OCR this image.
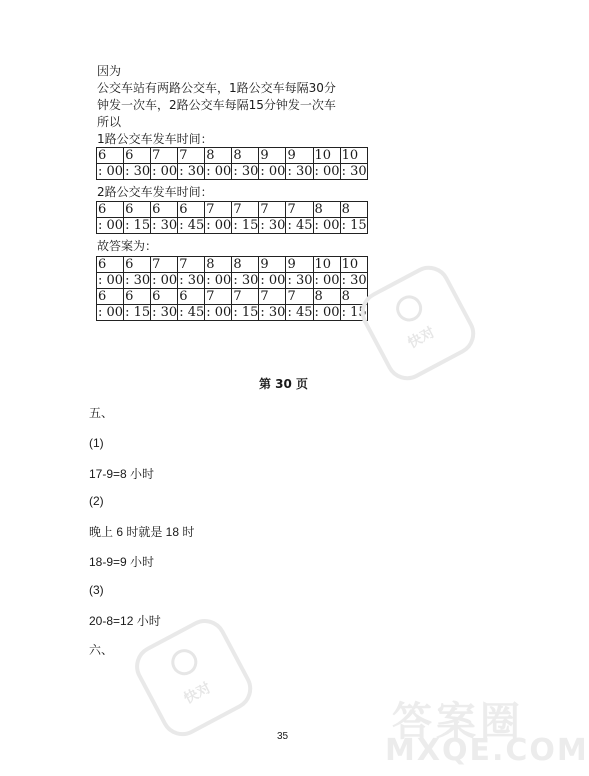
因为
公交车站有两路公交车，1路公交车每隔30分
钟发一次车，2路公交车每隔15分钟发一次车
所以
1路公交车发车时间：
6	6	7	7	8	8	9	9	10	10
: 00	: 30	: 00	: 30	: 00	: 30	: 00	: 30	: 00	: 30
2路公交车发车时间：
6	6	6	6	7	7	7	7	8	8
: 00	: 15	: 30	: 45	: 00	: 15	: 30	: 45	: 00	: 15
故答案为：
6	6	7	7	8	8	9	9	10	10
: 00	: 30	: 00	: 30	: 00	: 30	: 00	: 30	: 00	: 30
6	6	6	6	7	7	7	7	8	8
: 00	: 15	: 30	: 45	: 00	: 15	: 30	: 45	: 00	: 15
快对
第 30 页
五、
(1)
17-9=8 小时
(2)
晚上 6 时就是 18 时
18-9=9 小时
(3)
20-8=12 小时
六、
快对
35	答案圈
MXQE.COM
